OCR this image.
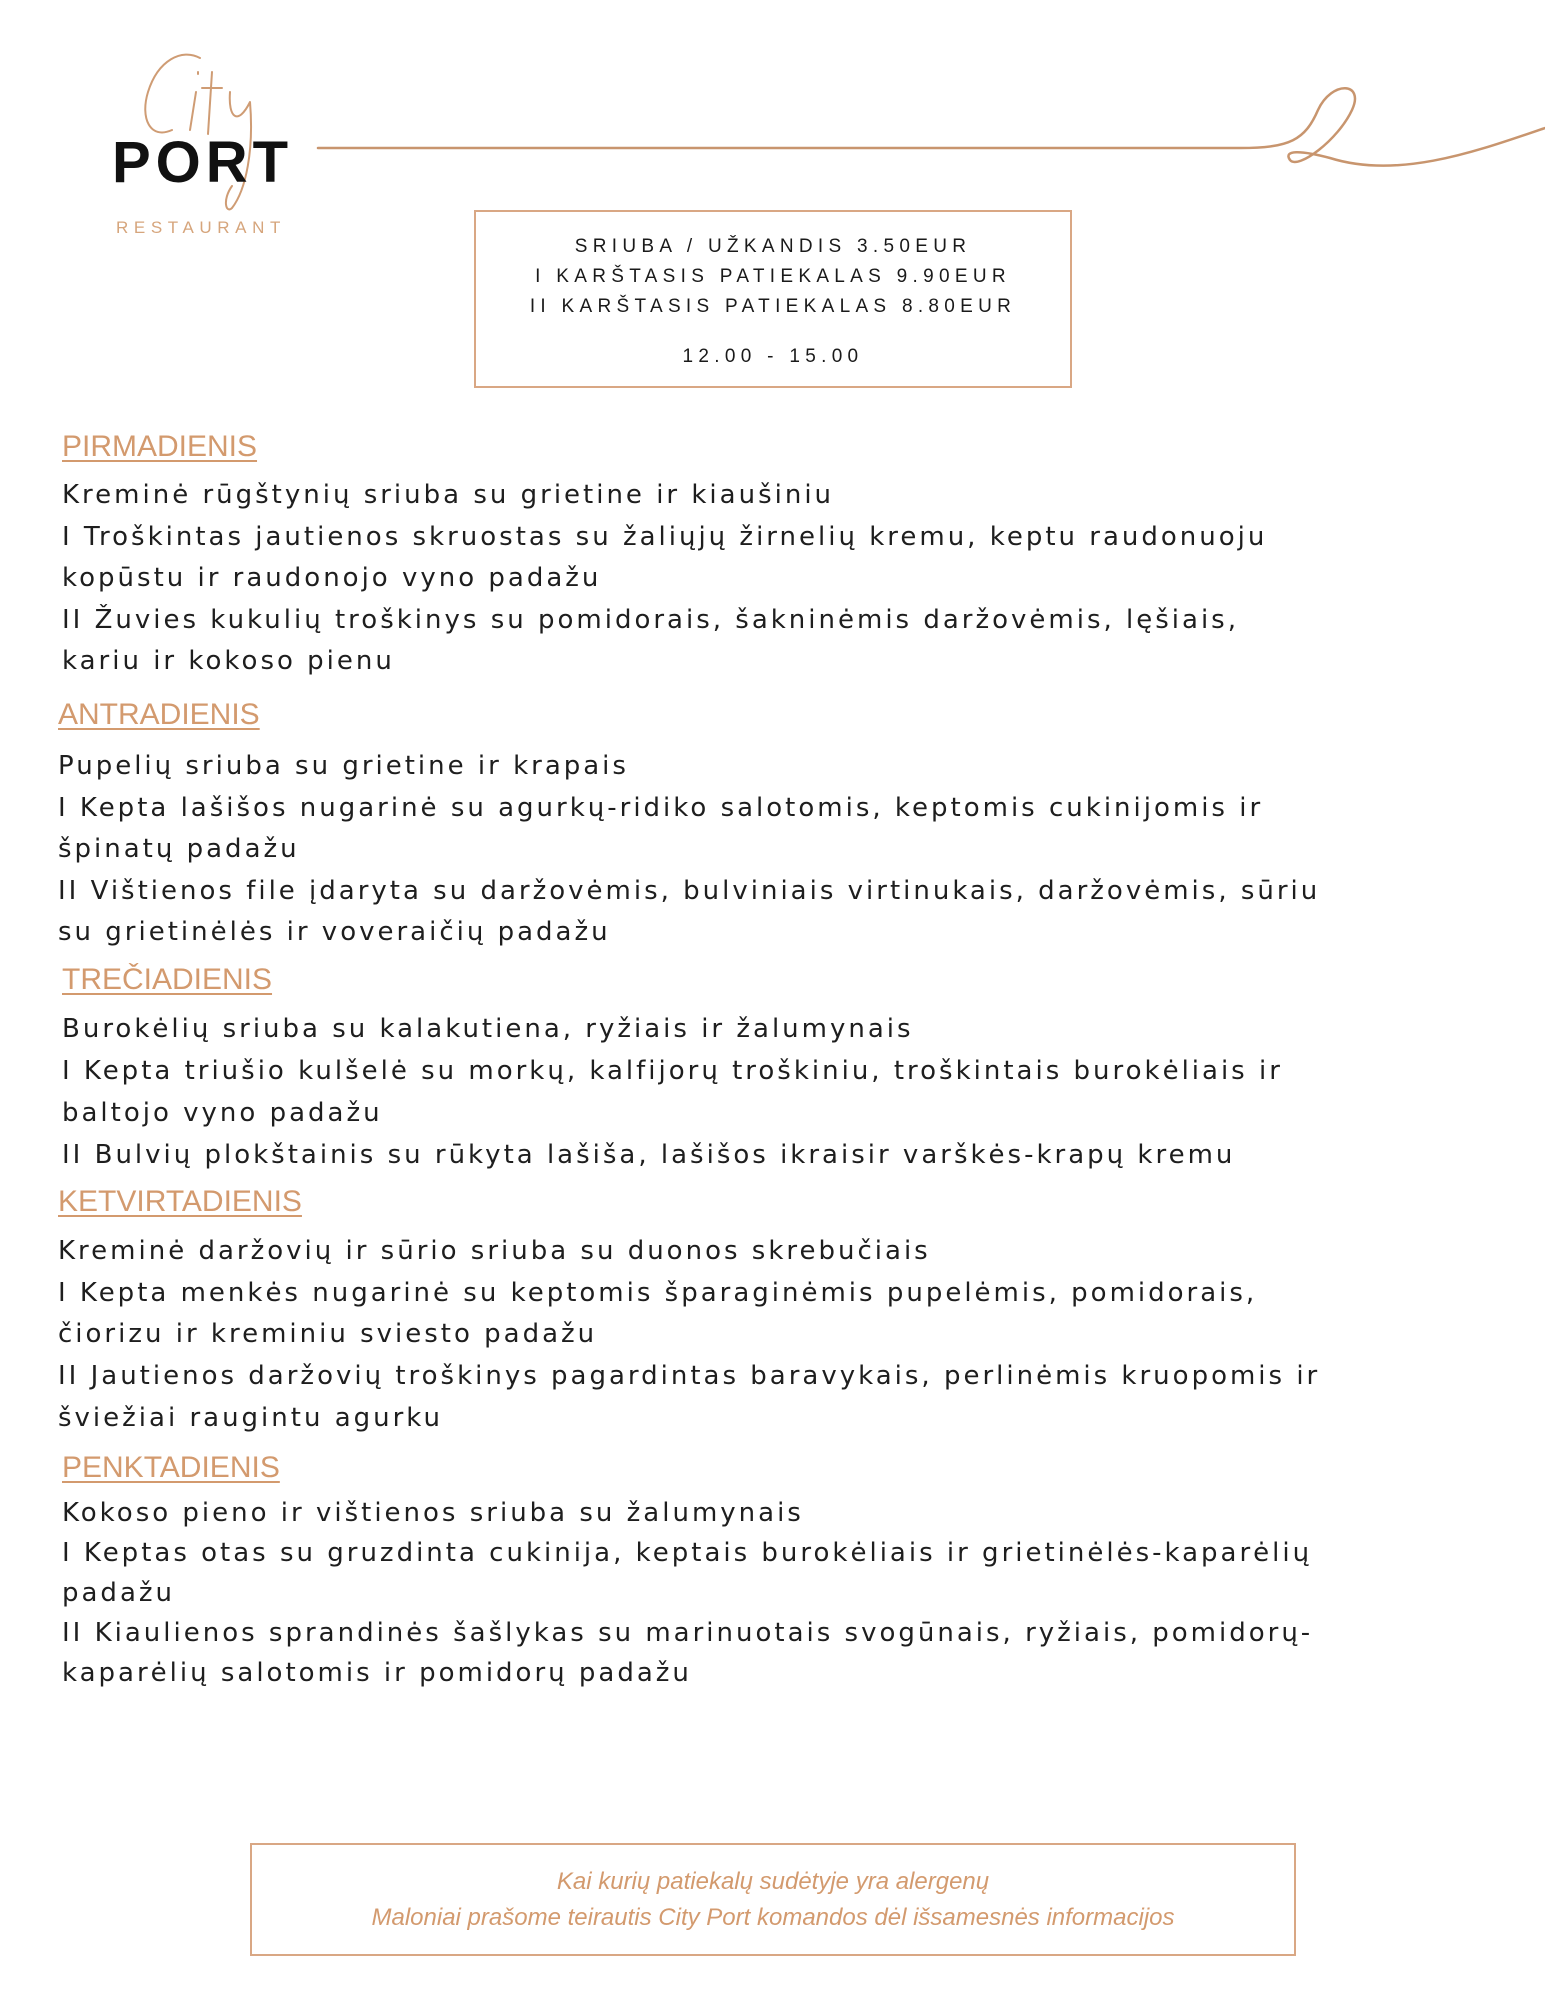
PORT
RESTAURANT
SRIUBA / UŽKANDIS 3.50EUR
I KARŠTASIS PATIEKALAS 9.90EUR
II KARŠTASIS PATIEKALAS 8.80EUR
12.00 - 15.00
PIRMADIENIS
Kreminė rūgštynių sriuba su grietine ir kiaušiniu
I Troškintas jautienos skruostas su žaliųjų žirnelių kremu, keptu raudonuoju
kopūstu ir raudonojo vyno padažu
II Žuvies kukulių troškinys su pomidorais, šakninėmis daržovėmis, lęšiais,
kariu ir kokoso pienu
ANTRADIENIS
Pupelių sriuba su grietine ir krapais
I Kepta lašišos nugarinė su agurkų-ridiko salotomis, keptomis cukinijomis ir
špinatų padažu
II Vištienos file įdaryta su daržovėmis, bulviniais virtinukais, daržovėmis, sūriu
su grietinėlės ir voveraičių padažu
TREČIADIENIS
Burokėlių sriuba su kalakutiena, ryžiais ir žalumynais
I Kepta triušio kulšelė su morkų, kalfijorų troškiniu, troškintais burokėliais ir
baltojo vyno padažu
II Bulvių plokštainis su rūkyta lašiša, lašišos ikraisir varškės-krapų kremu
KETVIRTADIENIS
Kreminė daržovių ir sūrio sriuba su duonos skrebučiais
I Kepta menkės nugarinė su keptomis šparaginėmis pupelėmis, pomidorais,
čiorizu ir kreminiu sviesto padažu
II Jautienos daržovių troškinys pagardintas baravykais, perlinėmis kruopomis ir
šviežiai raugintu agurku
PENKTADIENIS
Kokoso pieno ir vištienos sriuba su žalumynais
I Keptas otas su gruzdinta cukinija, keptais burokėliais ir grietinėlės-kaparėlių
padažu
II Kiaulienos sprandinės šašlykas su marinuotais svogūnais, ryžiais, pomidorų-
kaparėlių salotomis ir pomidorų padažu
Kai kurių patiekalų sudėtyje yra alergenų
Maloniai prašome teirautis City Port komandos dėl išsamesnės informacijos
